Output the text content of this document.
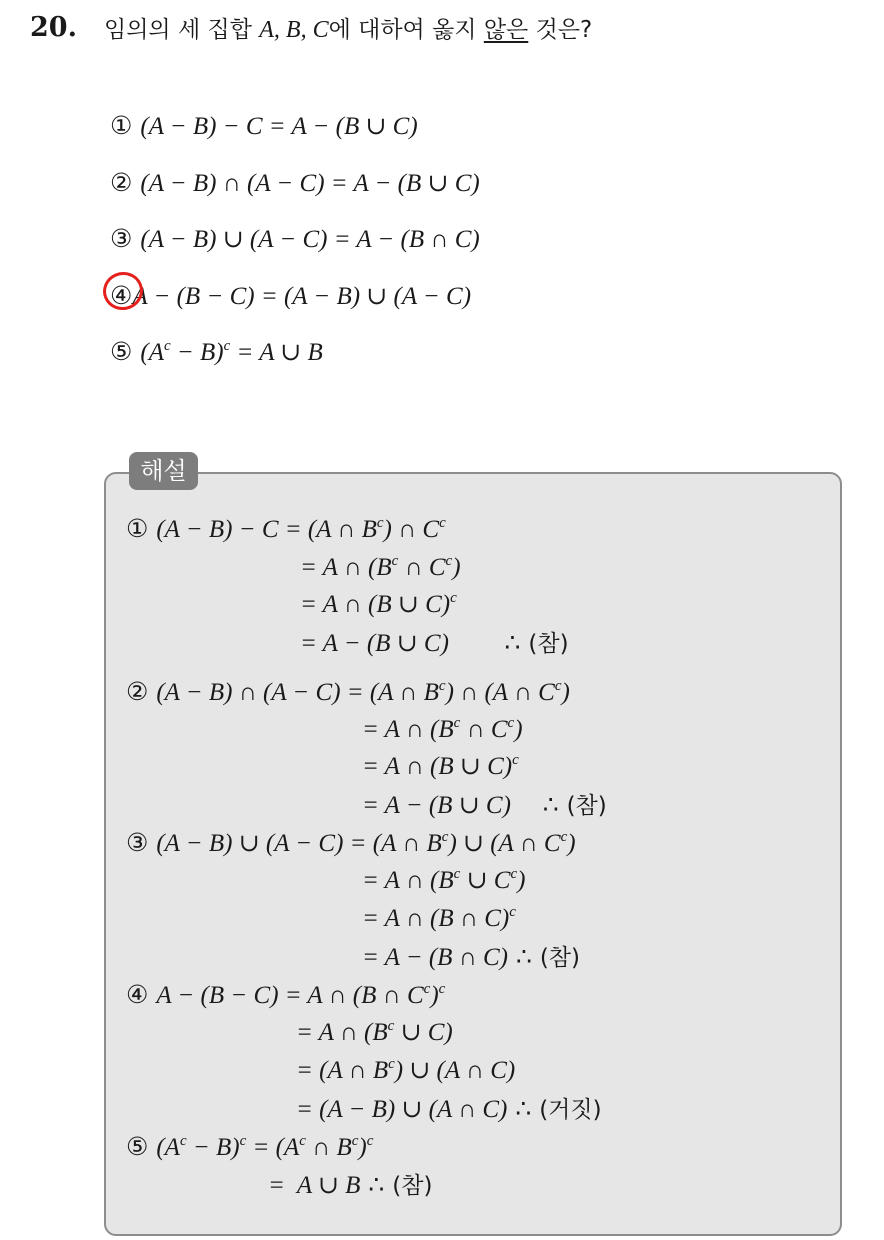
20. 임의의 세 집합 A, B, C에 대하여 옳지 않은 것은?
① (A − B) − C = A − (B ∪ C)
② (A − B) ∩ (A − C) = A − (B ∪ C)
③ (A − B) ∪ (A − C) = A − (B ∩ C)
④A − (B − C) = (A − B) ∪ (A − C)
⑤ $(A^c - B)^c = A$ ∪ B
해설
① (A − B) − C = (A ∩ $B^c$) ∩ $C^c$
= A ∩ ($B^c$ ∩ $C^c$)
= A ∩ (B ∪ C)$^c$
= A − (B ∪ C) ∴ (참)
② (A − B) ∩ (A − C) = (A ∩ $B^c$) ∩ (A ∩ $C^c$)
= A ∩ ($B^c$ ∩ $C^c$)
= A ∩ (B ∪ C)$^c$
= A − (B ∪ C) ∴ (참)
③ (A − B) ∪ (A − C) = (A ∩ $B^c$) ∪ (A ∩ $C^c$)
= A ∩ ($B^c$ ∪ $C^c$)
= A ∩ (B ∩ C)$^c$
= A − (B ∩ C) ∴ (참)
④ A − (B − C) = A ∩ (B ∩ $C^c)^c$
= A ∩ ($B^c$ ∪ C)
= (A ∩ $B^c$) ∪ (A ∩ C)
= (A − B) ∪ (A ∩ C) ∴ (거짓)
⑤ $(A^c - B)^c = (A^c$ ∩ $B^c)^c$
=  A ∪ B ∴ (참)
